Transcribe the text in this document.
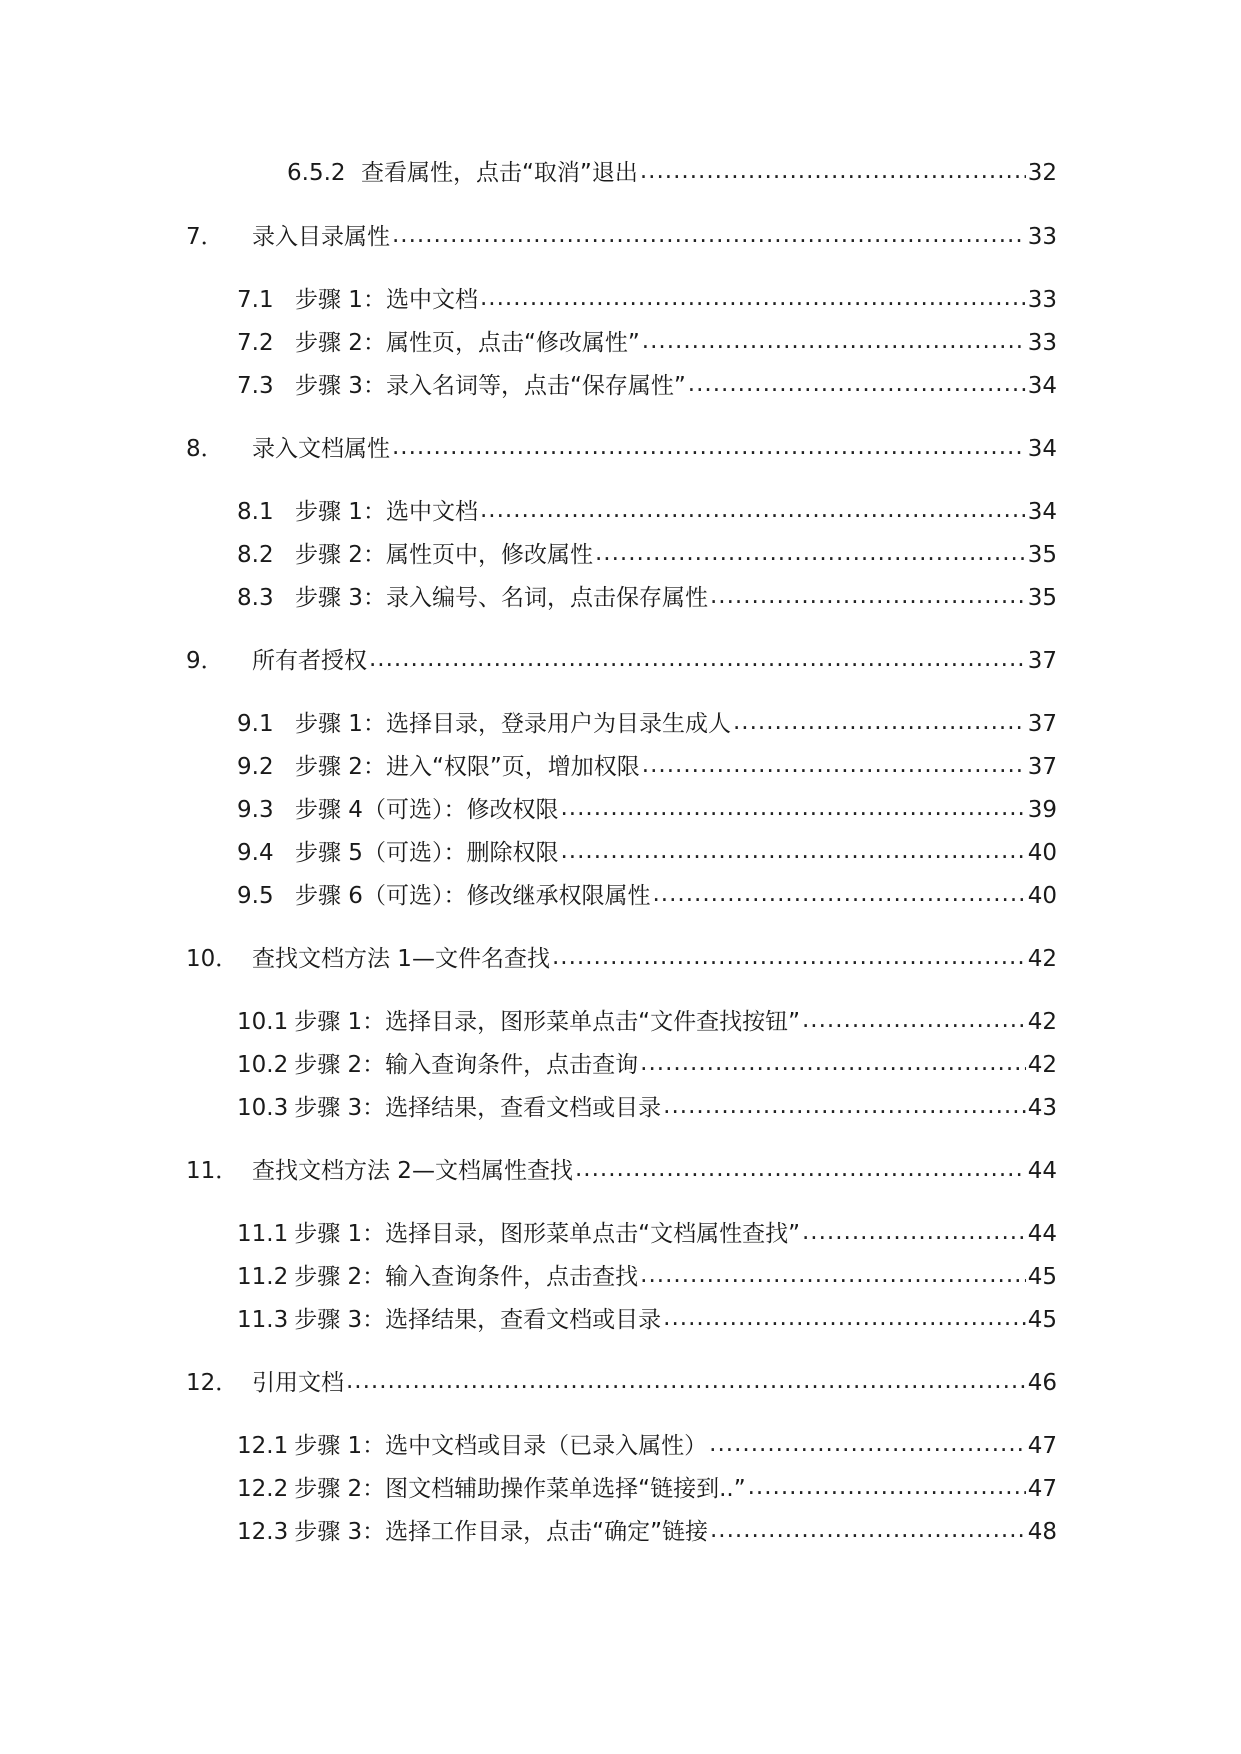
6.5.2 查看属性，点击“取消”退出 .....	32
7．	录入目录属性 .....	33
7.1 步骤 1：选中文档 .....	33
7.2 步骤 2：属性页，点击“修改属性” .....	33
7.3 步骤 3：录入名词等，点击“保存属性” .....	34
8．	录入文档属性 .....	34
8.1 步骤 1：选中文档 .....	34
8.2 步骤 2：属性页中，修改属性 .....	35
8.3 步骤 3：录入编号、名词，点击保存属性 .....	35
9．	所有者授权 .....	37
9.1 步骤 1：选择目录，登录用户为目录生成人 .....	37
9.2 步骤 2：进入“权限”页，增加权限 .....	37
9.3 步骤 4（可选）：修改权限 .....	39
9.4 步骤 5（可选）：删除权限 .....	40
9.5 步骤 6（可选）：修改继承权限属性 .....	40
10． 查找文档方法 1—文件名查找 .....	42
10.1 步骤 1：选择目录，图形菜单点击“文件查找按钮” .....	42
10.2 步骤 2：输入查询条件，点击查询 .....	42
10.3 步骤 3：选择结果，查看文档或目录 .....	43
11． 查找文档方法 2—文档属性查找 .....	44
11.1 步骤 1：选择目录，图形菜单点击“文档属性查找” .....	44
11.2 步骤 2：输入查询条件，点击查找 .....	45
11.3 步骤 3：选择结果，查看文档或目录 .....	45
12． 引用文档 .....	46
12.1 步骤 1：选中文档或目录（已录入属性） .....	47
12.2 步骤 2：图文档辅助操作菜单选择“链接到..” .....	47
12.3 步骤 3：选择工作目录，点击“确定”链接 .....	48
